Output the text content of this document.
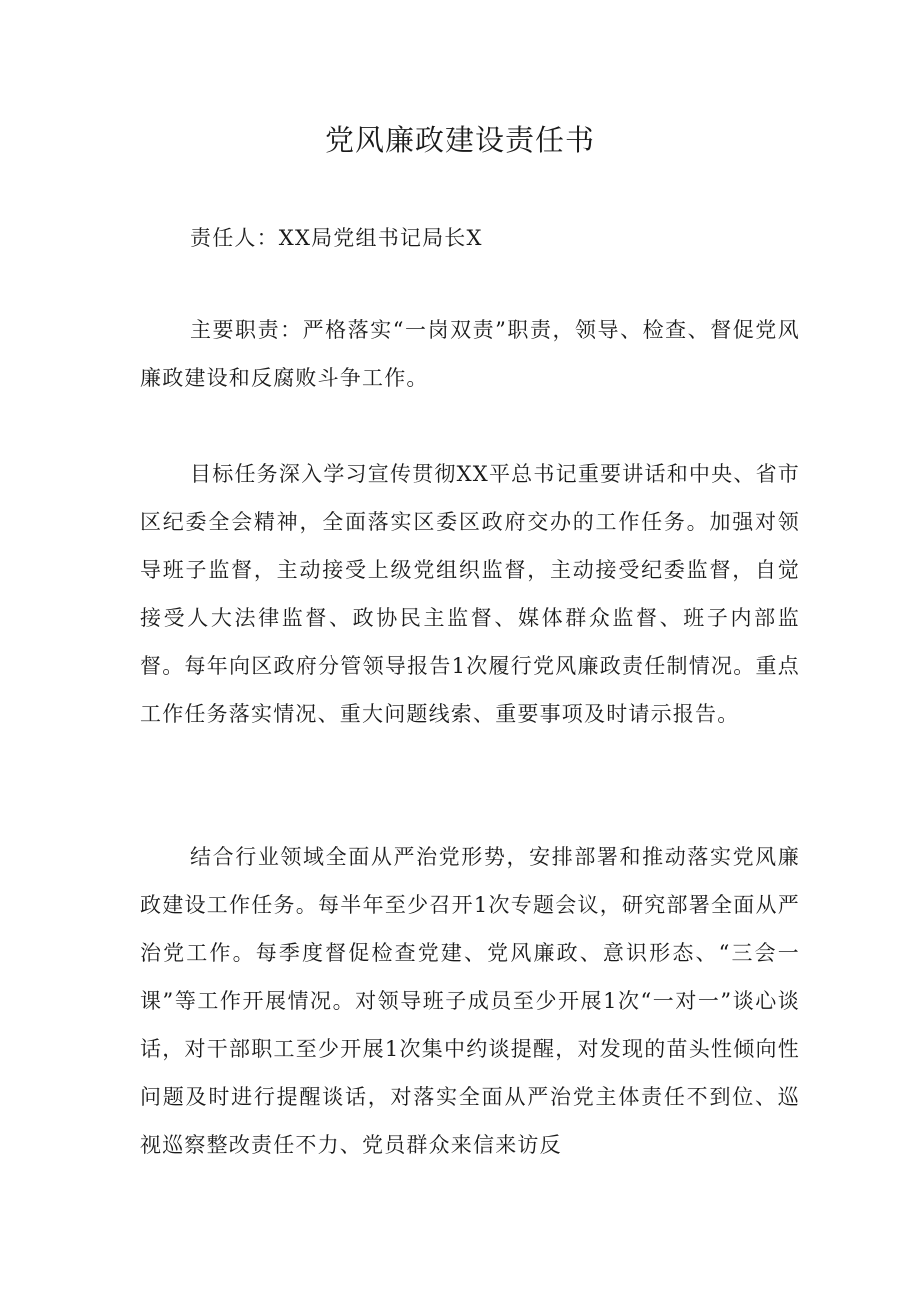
党风廉政建设责任书

责任人：XX局党组书记局长X

主要职责：严格落实“一岗双责”职责，领导、检查、督促党风廉政建设和反腐败斗争工作。

目标任务深入学习宣传贯彻XX平总书记重要讲话和中央、省市区纪委全会精神，全面落实区委区政府交办的工作任务。加强对领导班子监督，主动接受上级党组织监督，主动接受纪委监督，自觉接受人大法律监督、政协民主监督、媒体群众监督、班子内部监督。每年向区政府分管领导报告1次履行党风廉政责任制情况。重点工作任务落实情况、重大问题线索、重要事项及时请示报告。

结合行业领域全面从严治党形势，安排部署和推动落实党风廉政建设工作任务。每半年至少召开1次专题会议，研究部署全面从严治党工作。每季度督促检查党建、党风廉政、意识形态、“三会一课”等工作开展情况。对领导班子成员至少开展1次“一对一”谈心谈话，对干部职工至少开展1次集中约谈提醒，对发现的苗头性倾向性问题及时进行提醒谈话，对落实全面从严治党主体责任不到位、巡视巡察整改责任不力、党员群众来信来访反
